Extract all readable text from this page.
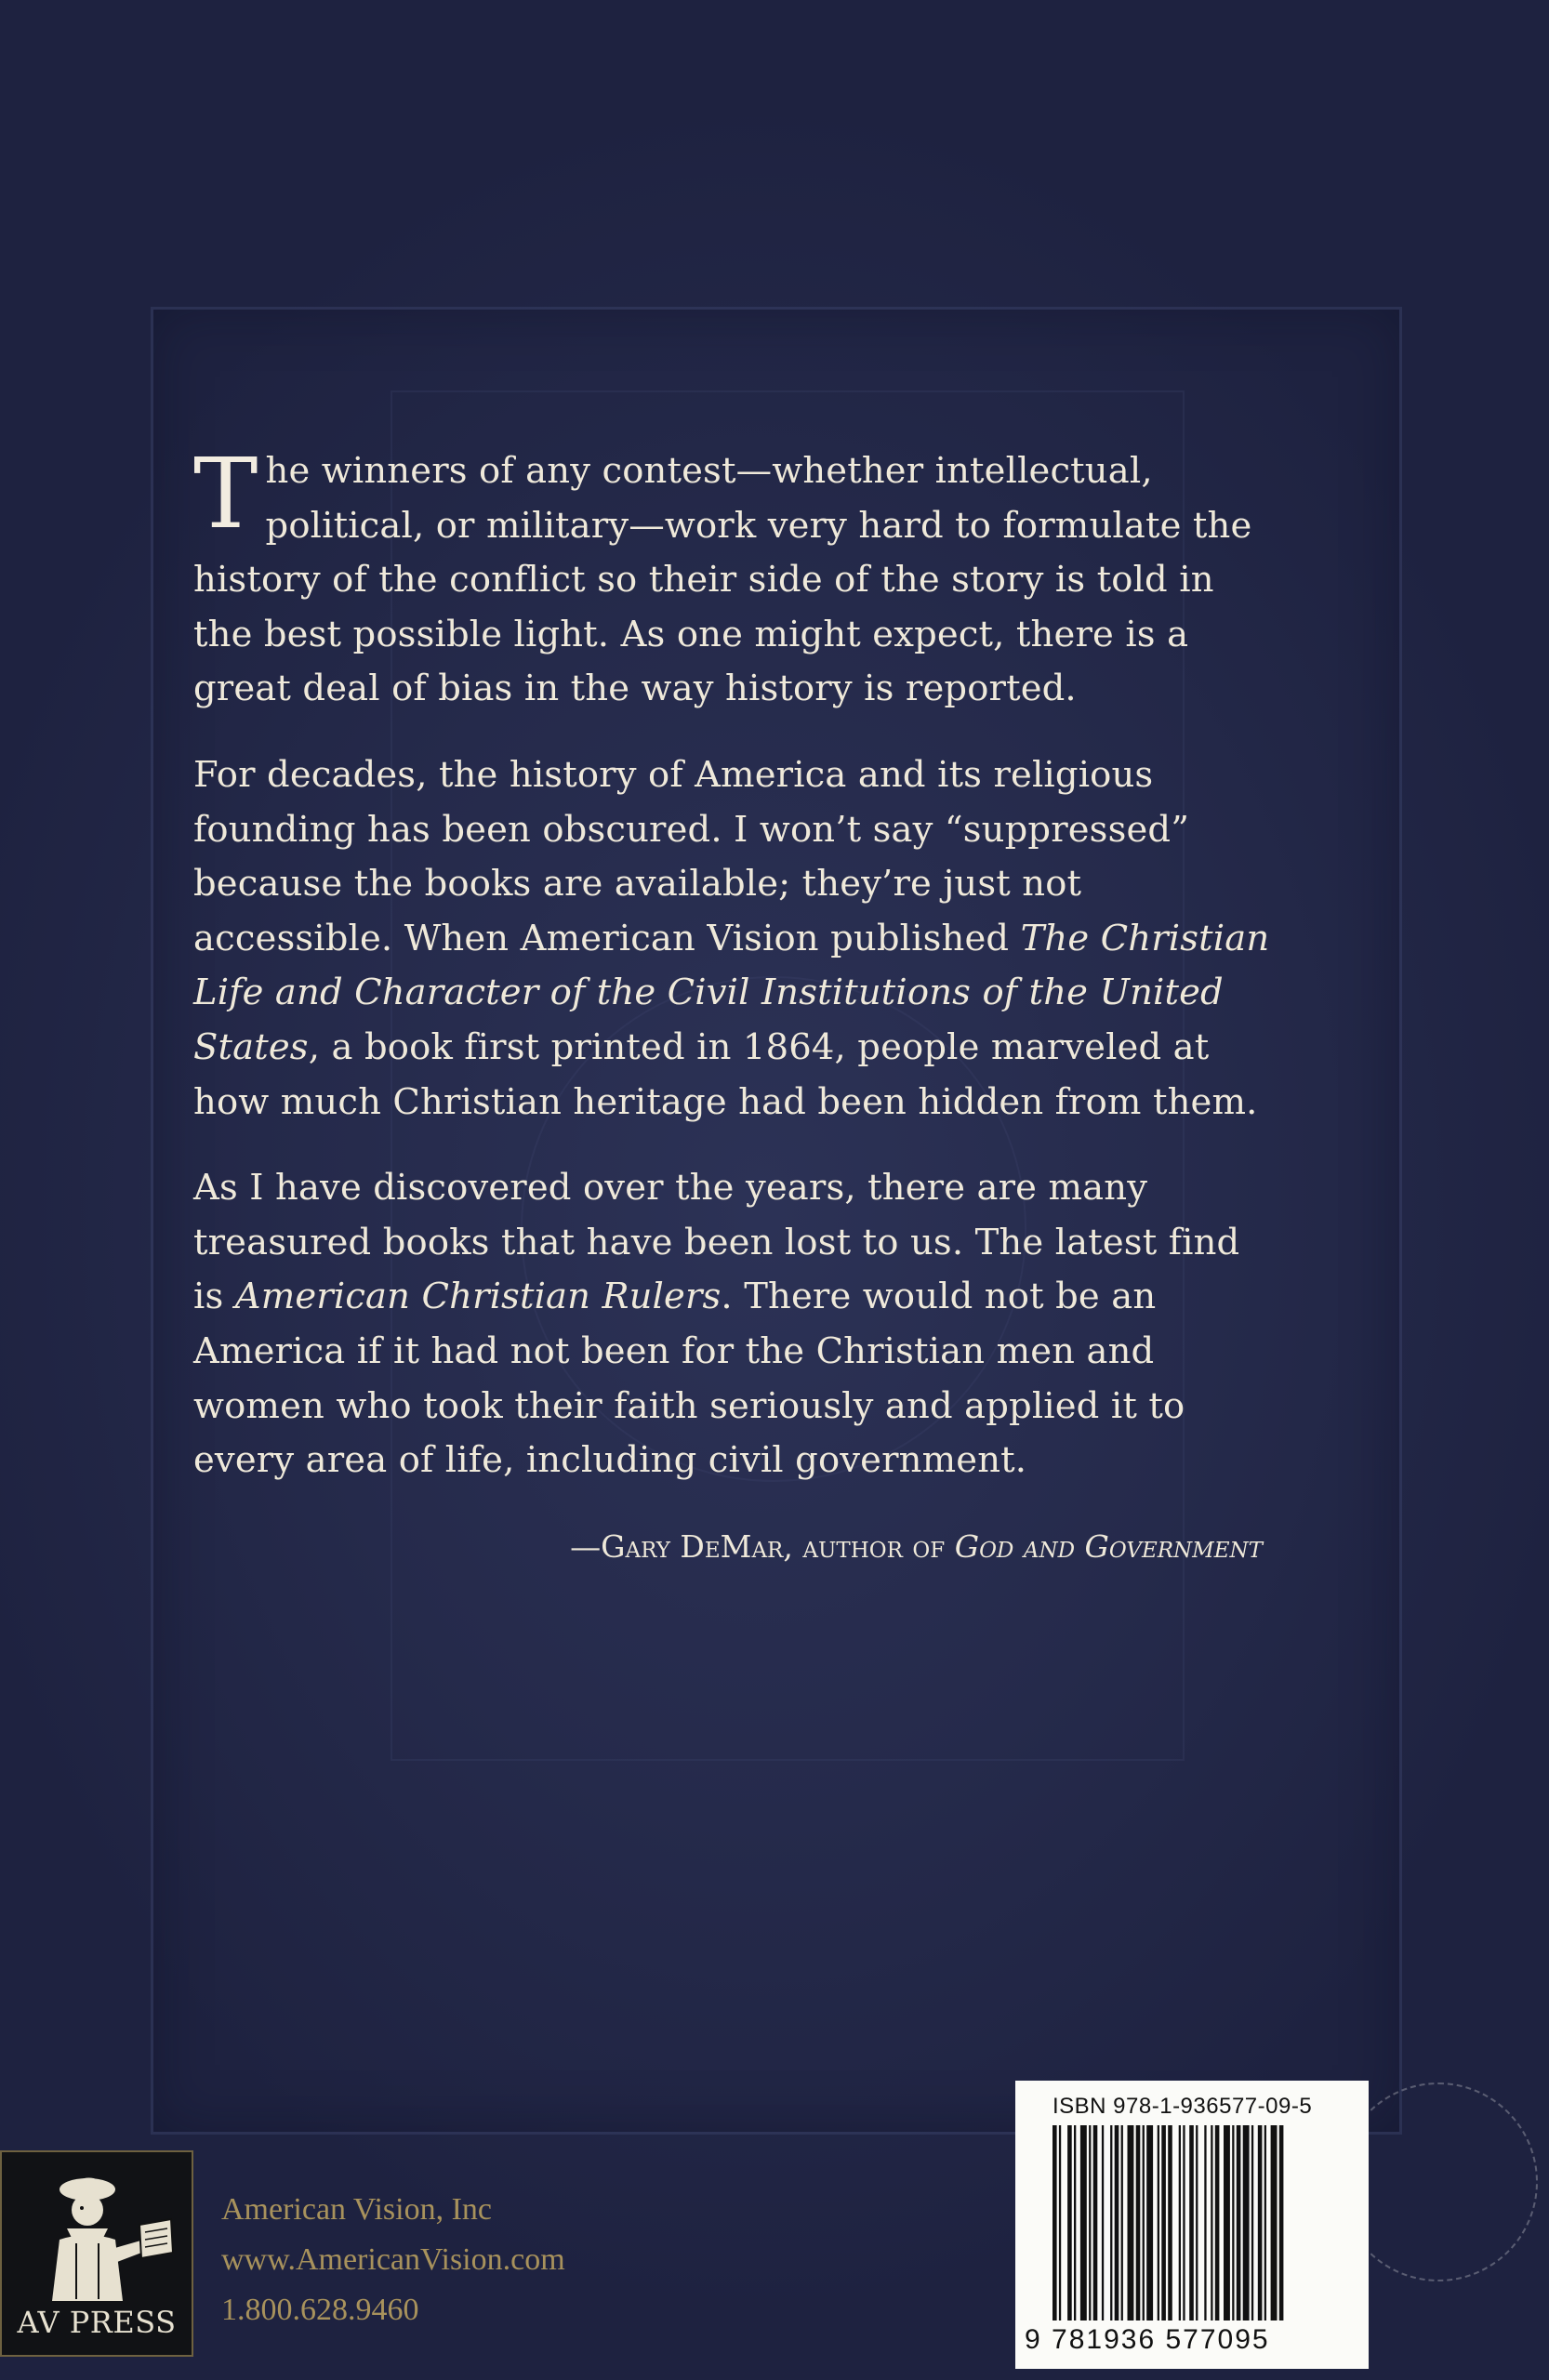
The winners of any contest—whether intellectual, political, or military—work very hard to formulate the history of the conflict so their side of the story is told in the best possible light. As one might expect, there is a great deal of bias in the way history is reported.

For decades, the history of America and its religious founding has been obscured. I won’t say “suppressed” because the books are available; they’re just not accessible. When American Vision published The Christian Life and Character of the Civil Institutions of the United States, a book first printed in 1864, people marveled at how much Christian heritage had been hidden from them.

As I have discovered over the years, there are many treasured books that have been lost to us. The latest find is American Christian Rulers. There would not be an America if it had not been for the Christian men and women who took their faith seriously and applied it to every area of life, including civil government.

—Gary DeMar, author of God and Government
AV PRESS
American Vision, Inc
www.AmericanVision.com
1.800.628.9460
ISBN 978-1-936577-09-5
9 781936 577095
